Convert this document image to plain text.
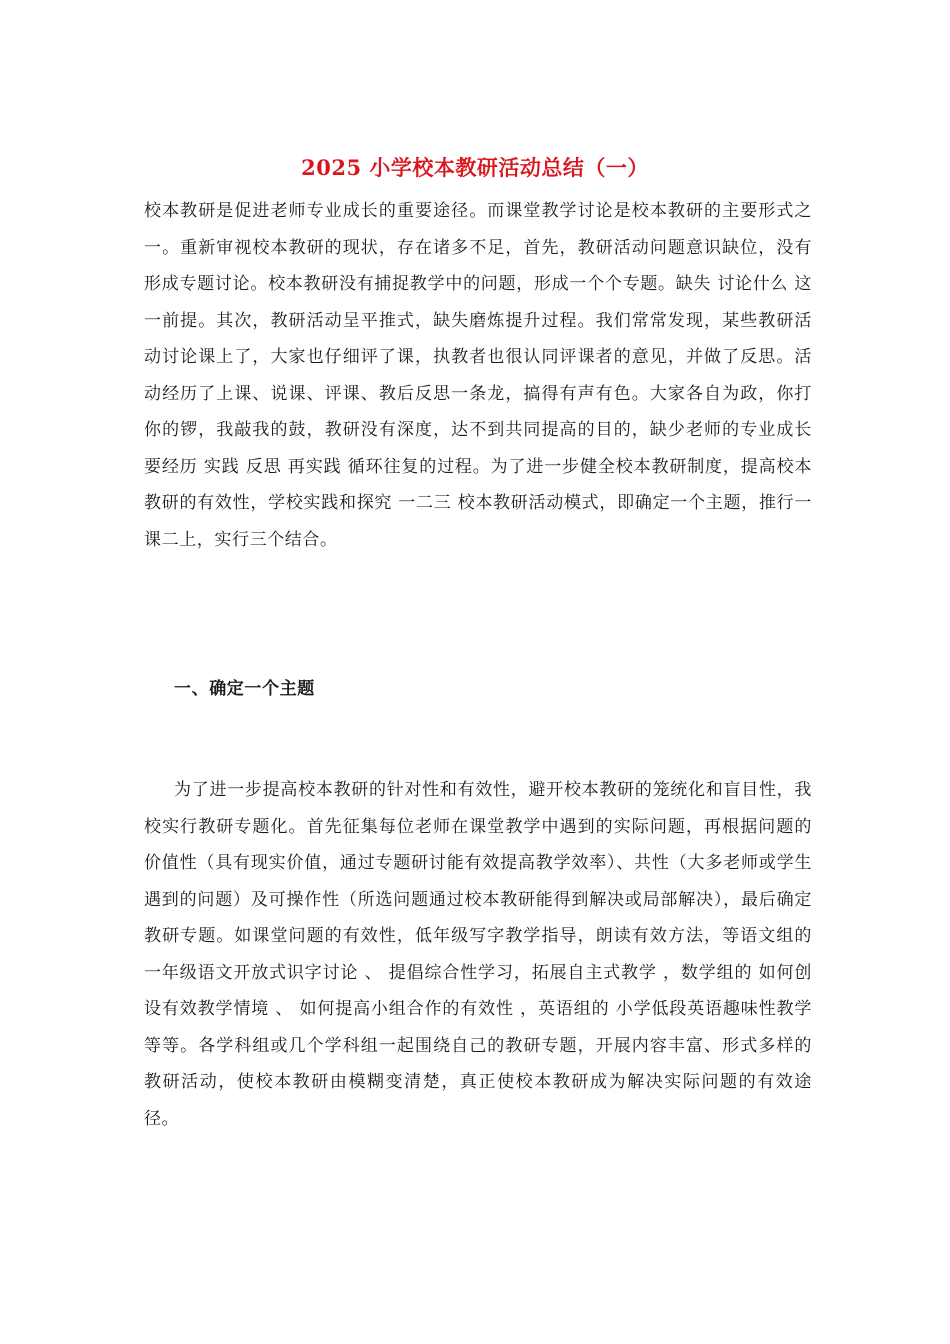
2025 小学校本教研活动总结（一）

校本教研是促进老师专业成长的重要途径。而课堂教学讨论是校本教研的主要形式之一。重新审视校本教研的现状，存在诸多不足，首先，教研活动问题意识缺位，没有形成专题讨论。校本教研没有捕捉教学中的问题，形成一个个专题。缺失 讨论什么 这一前提。其次，教研活动呈平推式，缺失磨炼提升过程。我们常常发现，某些教研活动讨论课上了，大家也仔细评了课，执教者也很认同评课者的意见，并做了反思。活动经历了上课、说课、评课、教后反思一条龙，搞得有声有色。大家各自为政，你打你的锣，我敲我的鼓，教研没有深度，达不到共同提高的目的，缺少老师的专业成长要经历 实践 反思 再实践 循环往复的过程。为了进一步健全校本教研制度，提高校本教研的有效性，学校实践和探究 一二三 校本教研活动模式，即确定一个主题，推行一课二上，实行三个结合。

一、确定一个主题

为了进一步提高校本教研的针对性和有效性，避开校本教研的笼统化和盲目性，我校实行教研专题化。首先征集每位老师在课堂教学中遇到的实际问题，再根据问题的价值性（具有现实价值，通过专题研讨能有效提高教学效率）、共性（大多老师或学生遇到的问题）及可操作性（所选问题通过校本教研能得到解决或局部解决），最后确定教研专题。如课堂问题的有效性，低年级写字教学指导，朗读有效方法，等语文组的 一年级语文开放式识字讨论 、 提倡综合性学习，拓展自主式教学 ，数学组的 如何创设有效教学情境 、 如何提高小组合作的有效性 ，英语组的 小学低段英语趣味性教学 等等。各学科组或几个学科组一起围绕自己的教研专题，开展内容丰富、形式多样的教研活动，使校本教研由模糊变清楚，真正使校本教研成为解决实际问题的有效途径。
